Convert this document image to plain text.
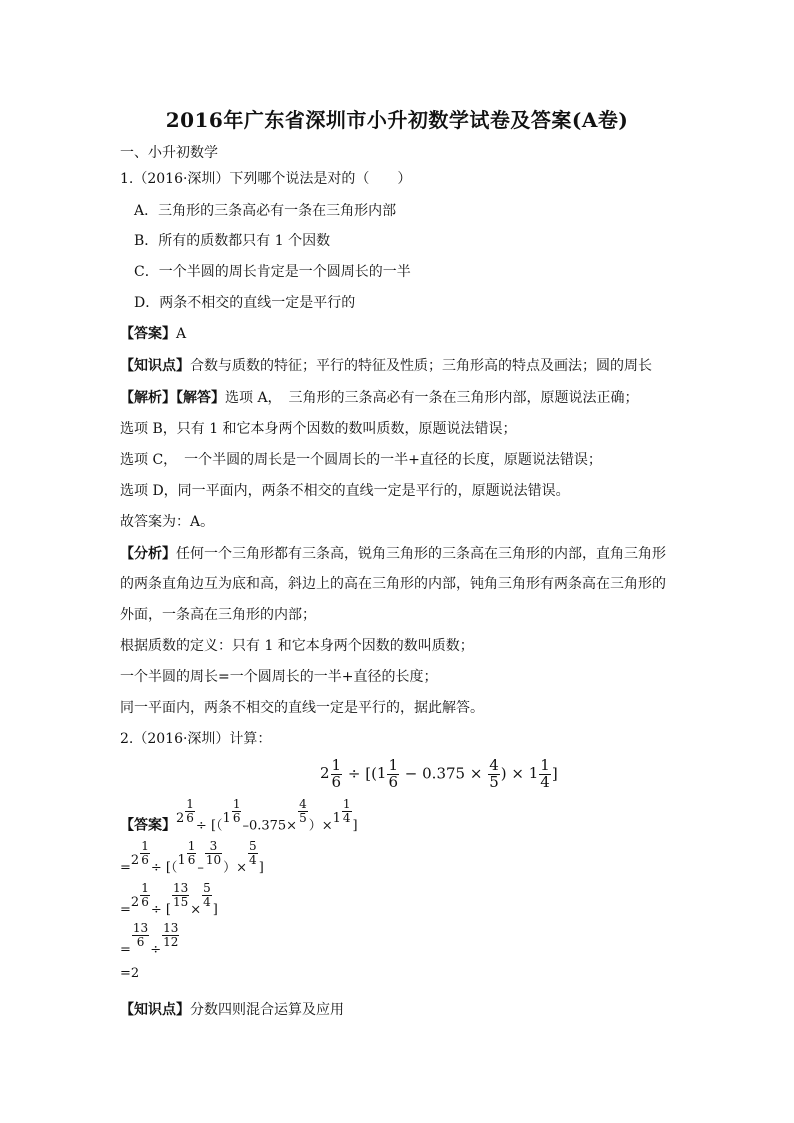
2016年广东省深圳市小升初数学试卷及答案(A卷)
一、小升初数学
1.（2016·深圳）下列哪个说法是对的（　　）
A．三角形的三条高必有一条在三角形内部
B．所有的质数都只有 1 个因数
C．一个半圆的周长肯定是一个圆周长的一半
D．两条不相交的直线一定是平行的
【答案】A
【知识点】合数与质数的特征；平行的特征及性质；三角形高的特点及画法；圆的周长
【解析】【解答】选项 A，　三角形的三条高必有一条在三角形内部，原题说法正确；
选项 B，只有 1 和它本身两个因数的数叫质数，原题说法错误；
选项 C，　一个半圆的周长是一个圆周长的一半+直径的长度，原题说法错误；
选项 D，同一平面内，两条不相交的直线一定是平行的，原题说法错误。
故答案为：A。
【分析】任何一个三角形都有三条高，锐角三角形的三条高在三角形的内部，直角三角形
的两条直角边互为底和高，斜边上的高在三角形的内部，钝角三角形有两条高在三角形的
外面，一条高在三角形的内部；
根据质数的定义：只有 1 和它本身两个因数的数叫质数；
一个半圆的周长=一个圆周长的一半+直径的长度；
同一平面内，两条不相交的直线一定是平行的，据此解答。
2.（2016·深圳）计算：
$2 \frac{1}{6} \div [(1 \frac{1}{6} - 0.375 \times \frac{4}{5}$ ) × $1 \frac{1}{4}$ ]
【答案】$2 \frac{1}{6}$
÷ [（$1 \frac{1}{6}$
–0.375×
$\frac{4}{5}$
）$\times 1 \frac{1}{4}$
]
$=2 \frac{1}{6}$
÷ [（$1 \frac{1}{6}$
–
$\frac{3}{10}$
）×
$\frac{5}{4}$
]
$=2 \frac{1}{6}$
÷ [
$\frac{13}{15}$
×
$\frac{5}{4}$
]
=
$\frac{13}{6}$
÷
$\frac{13}{12}$
=2
【知识点】分数四则混合运算及应用
